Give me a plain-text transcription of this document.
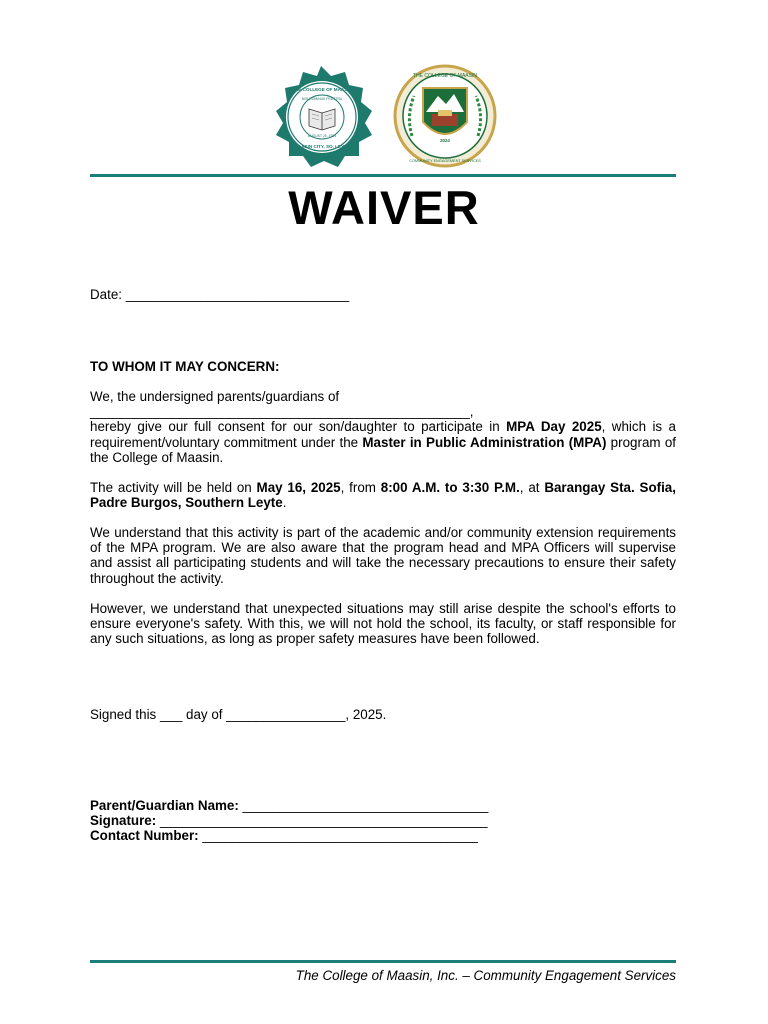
THE COLLEGE OF MAASIN
NISI DOMINUS FRUSTRA
AUGUST 25, 1924
MAASIN CITY, SO. LEYTE
THE COLLEGE OF MAASIN
COMMUNITY ENGAGEMENT SERVICES
2024
WAIVER
Date: ______________________________
TO WHOM IT MAY CONCERN:
We, the undersigned parents/guardians of
___________________________________________________,
hereby give our full consent for our son/daughter to participate in MPA Day 2025, which is a requirement/voluntary commitment under the Master in Public Administration (MPA) program of the College of Maasin.
The activity will be held on May 16, 2025, from 8:00 A.M. to 3:30 P.M., at Barangay Sta. Sofia, Padre Burgos, Southern Leyte.
We understand that this activity is part of the academic and/or community extension requirements of the MPA program. We are also aware that the program head and MPA Officers will supervise and assist all participating students and will take the necessary precautions to ensure their safety throughout the activity.
However, we understand that unexpected situations may still arise despite the school's efforts to ensure everyone's safety. With this, we will not hold the school, its faculty, or staff responsible for any such situations, as long as proper safety measures have been followed.
Signed this ___ day of ________________, 2025.
Parent/Guardian Name: _________________________________
Signature: ____________________________________________
Contact Number: _____________________________________
The College of Maasin, Inc. – Community Engagement Services
